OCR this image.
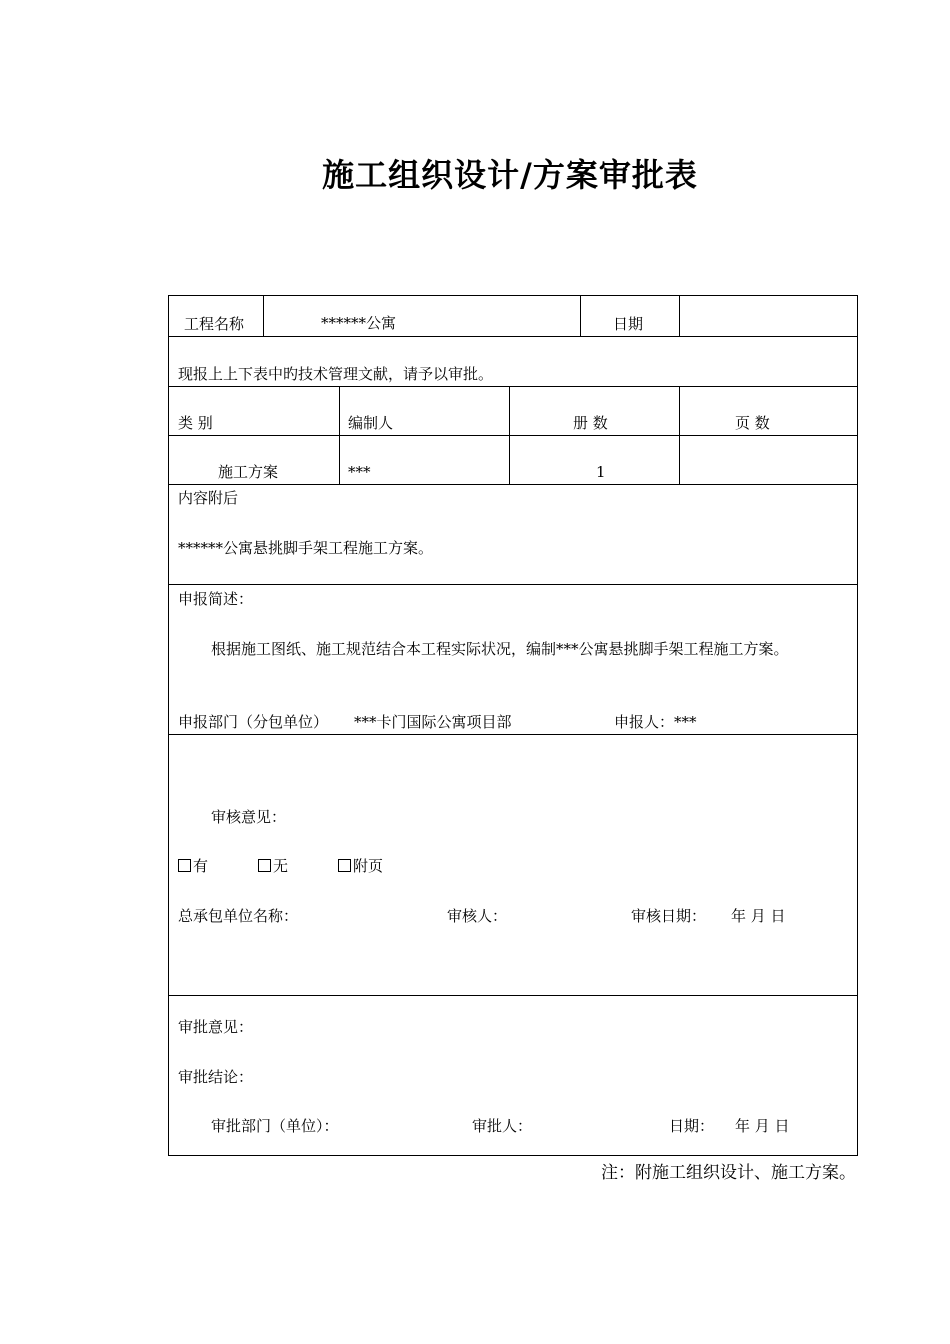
施工组织设计/方案审批表
工程名称	******公寓	日期
现报上上下表中旳技术管理文献，请予以审批。
类 别	编制人	册 数	页 数
施工方案	***	1
内容附后
******公寓悬挑脚手架工程施工方案。
申报简述：
根据施工图纸、施工规范结合本工程实际状况，编制***公寓悬挑脚手架工程施工方案。
申报部门（分包单位） ***卡门国际公寓项目部	申报人：***
审核意见：
有	无	附页
总承包单位名称：	审核人：	审核日期： 年 月 日
审批意见：
审批结论：
审批部门（单位）：	审批人：	日期： 年 月 日
注：附施工组织设计、施工方案。
